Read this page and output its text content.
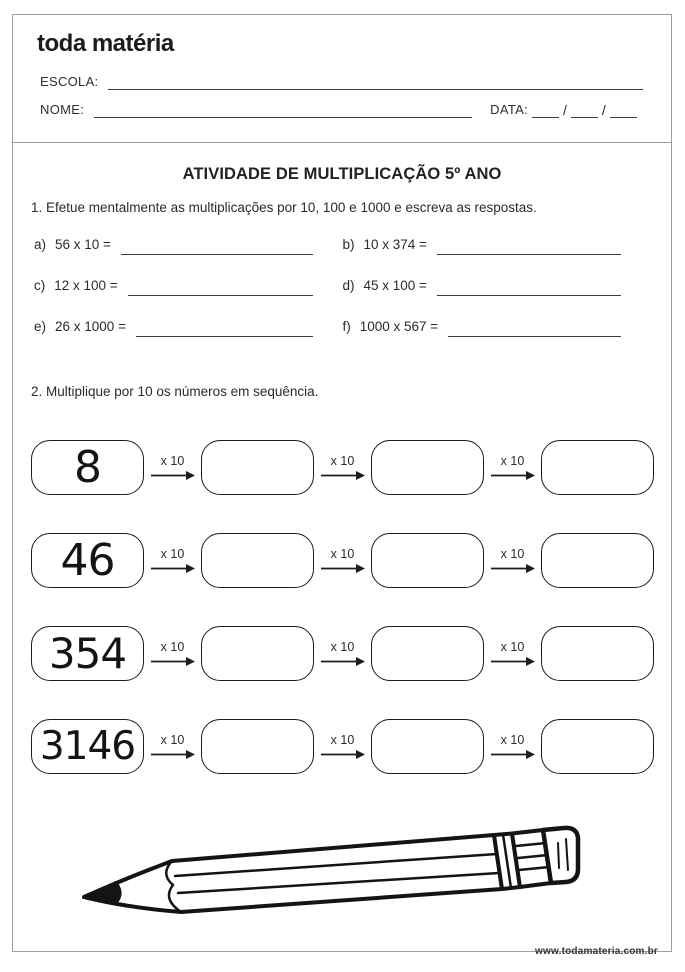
toda matéria
ESCOLA:
NOME:	DATA:	/	/
ATIVIDADE DE MULTIPLICAÇÃO 5º ANO
1. Efetue mentalmente as multiplicações por 10, 100 e 1000 e escreva as respostas.
a) 56 x 10 =	b) 10 x 374 =
c) 12 x 100 =	d) 45 x 100 =
e) 26 x 1000 =	f) 1000 x 567 =
2. Multiplique por 10 os números em sequência.
8	x 10	x 10	x 10
46	x 10	x 10	x 10
354	x 10	x 10	x 10
3146 x 10	x 10	x 10
www.todamateria.com.br
